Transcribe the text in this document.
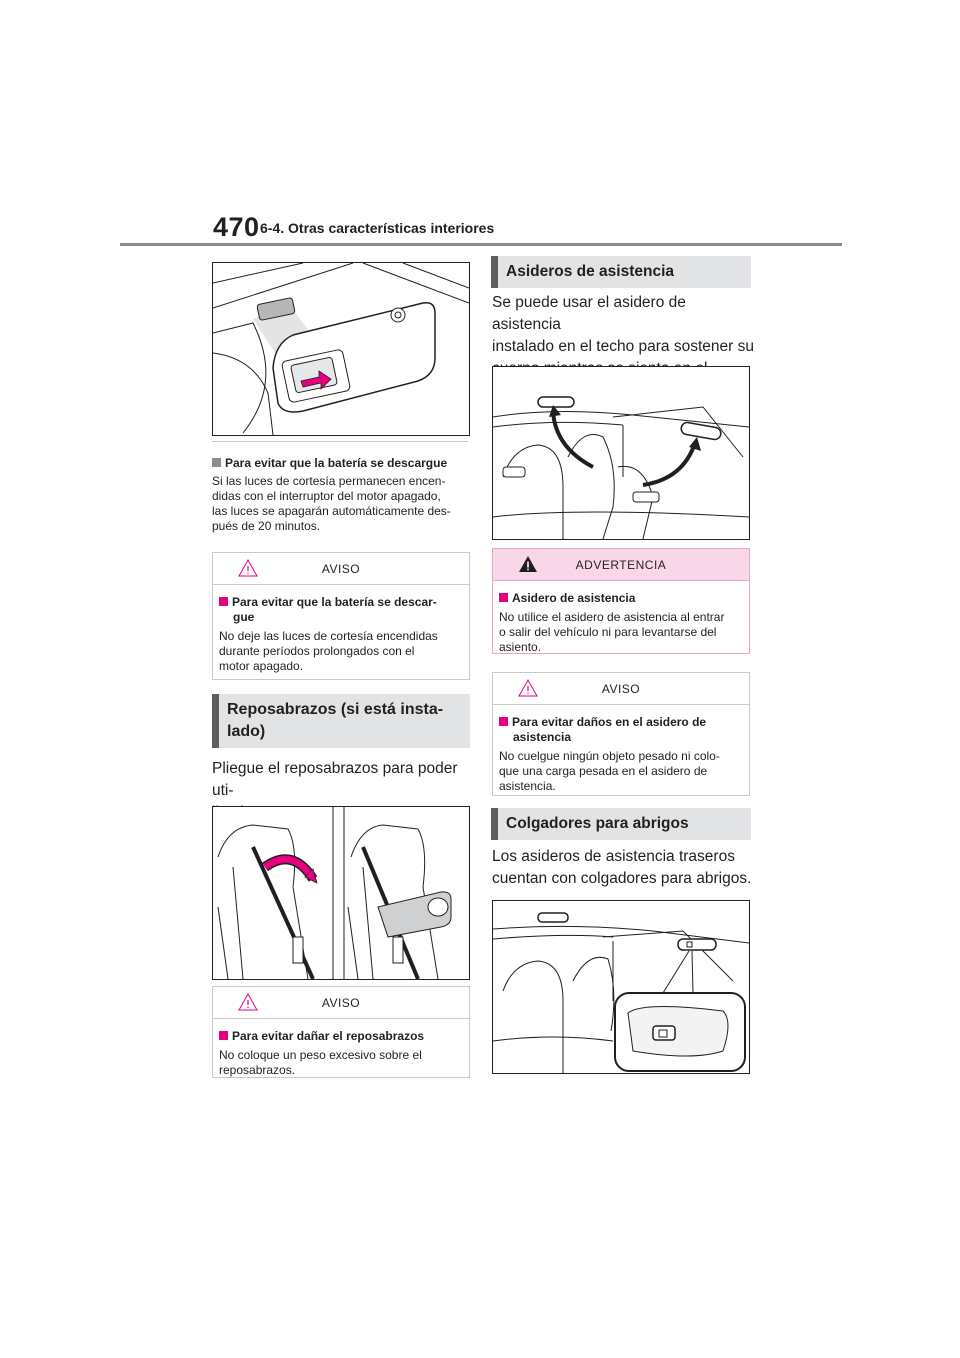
470 6-4. Otras características interiores
Para evitar que la batería se descargue
Si las luces de cortesía permanecen encen-
didas con el interruptor del motor apagado,
las luces se apagarán automáticamente des-
pués de 20 minutos.
AVISO
Para evitar que la batería se descar-
gue
No deje las luces de cortesía encendidas
durante períodos prolongados con el
motor apagado.
Reposabrazos (si está insta-
lado)
Pliegue el reposabrazos para poder uti-

AVISO
Para evitar dañar el reposabrazos
No coloque un peso excesivo sobre el
reposabrazos.
Asideros de asistencia
Se puede usar el asidero de asistencia
instalado en el techo para sostener su

ADVERTENCIA
Asidero de asistencia
No utilice el asidero de asistencia al entrar
o salir del vehículo ni para levantarse del
asiento.
AVISO
Para evitar daños en el asidero de
asistencia
No cuelgue ningún objeto pesado ni colo-
que una carga pesada en el asidero de
asistencia.
Colgadores para abrigos
Los asideros de asistencia traseros
cuentan con colgadores para abrigos.
